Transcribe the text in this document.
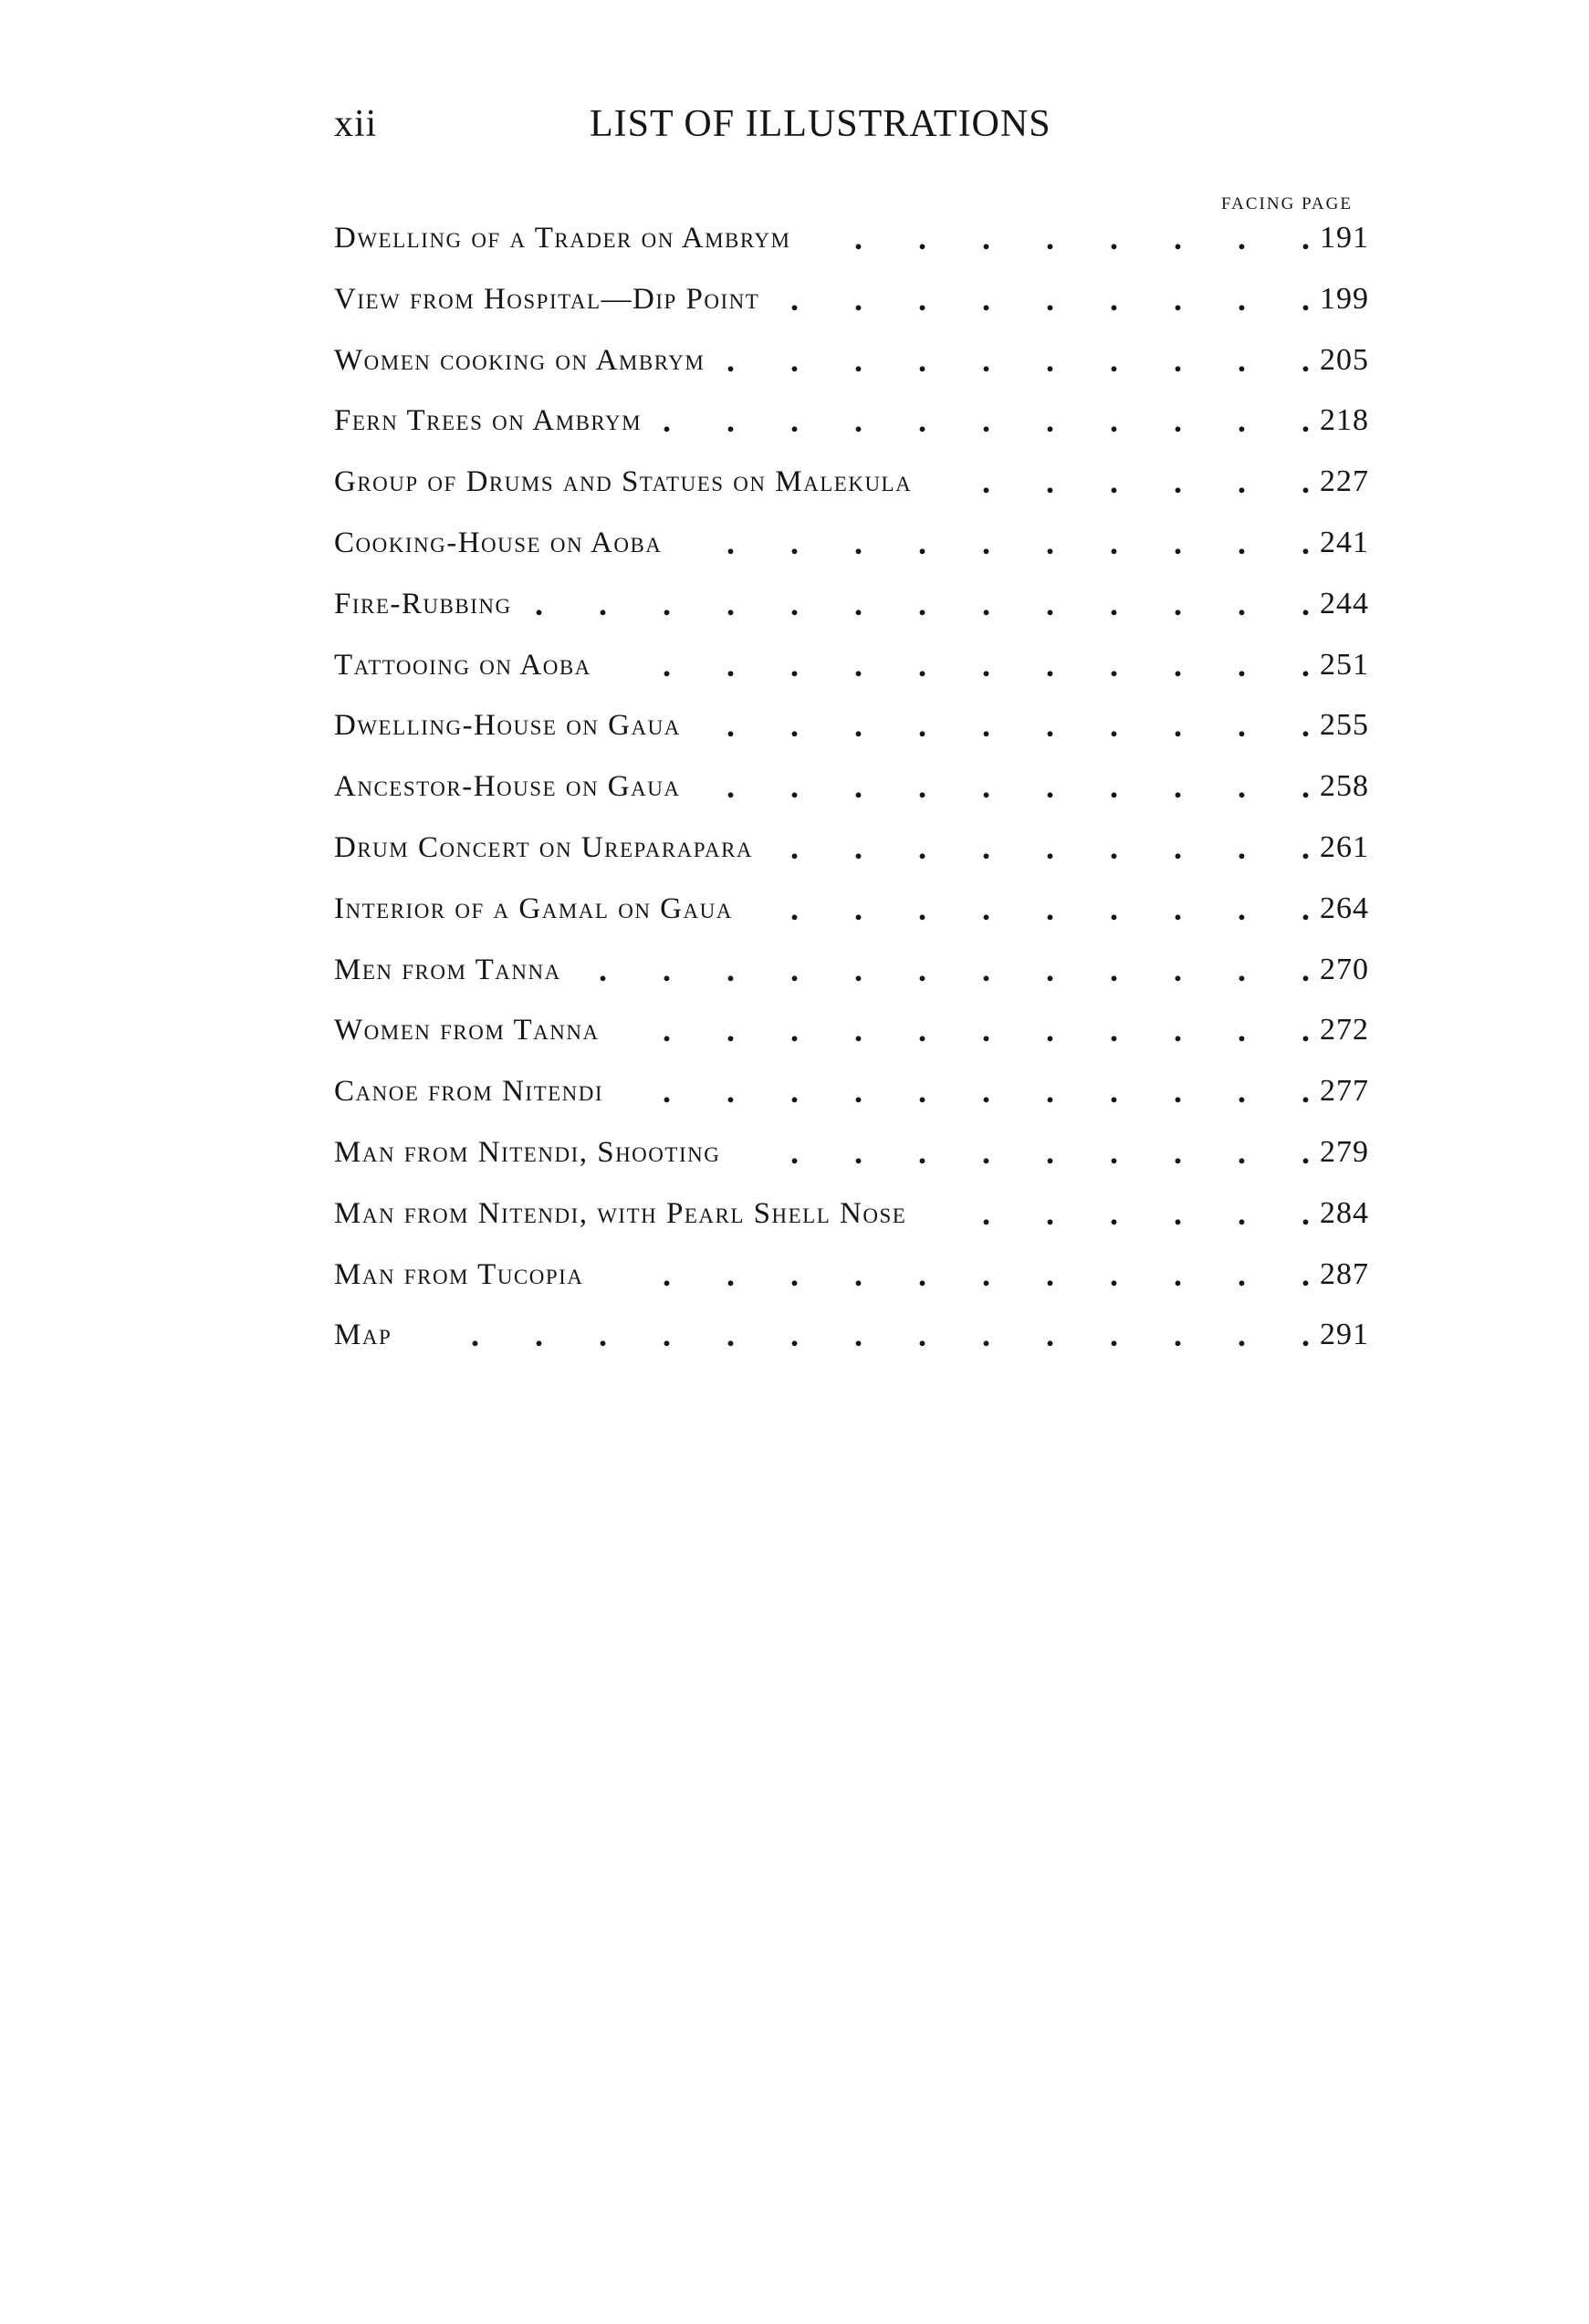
xii	LIST OF ILLUSTRATIONS
FACING PAGE
. . . . . . . .
Dwelling of a Trader on Ambrym	191
. . . . . . . . .
View from Hospital—Dip Point	199
. . . . . . . . . .
Women cooking on Ambrym	205
. . . . . . . . . . .
Fern Trees on Ambrym	218
. . . . . .
Group of Drums and Statues on Malekula	227
. . . . . . . . . .
Cooking-House on Aoba	241
. . . . . . . . . . . . .
Fire-Rubbing	244
. . . . . . . . . . .
Tattooing on Aoba	251
. . . . . . . . . .
Dwelling-House on Gaua	255
. . . . . . . . . .
Ancestor-House on Gaua	258
. . . . . . . . .
Drum Concert on Ureparapara	261
. . . . . . . . .
Interior of a Gamal on Gaua	264
. . . . . . . . . . . .
Men from Tanna	270
. . . . . . . . . . .
Women from Tanna	272
. . . . . . . . . . .
Canoe from Nitendi	277
. . . . . . . . .
Man from Nitendi, Shooting	279
. . . . . .
Man from Nitendi, with Pearl Shell Nose	284
. . . . . . . . . . .
Man from Tucopia	287
. . . . . . . . . . . . . .
Map	291
